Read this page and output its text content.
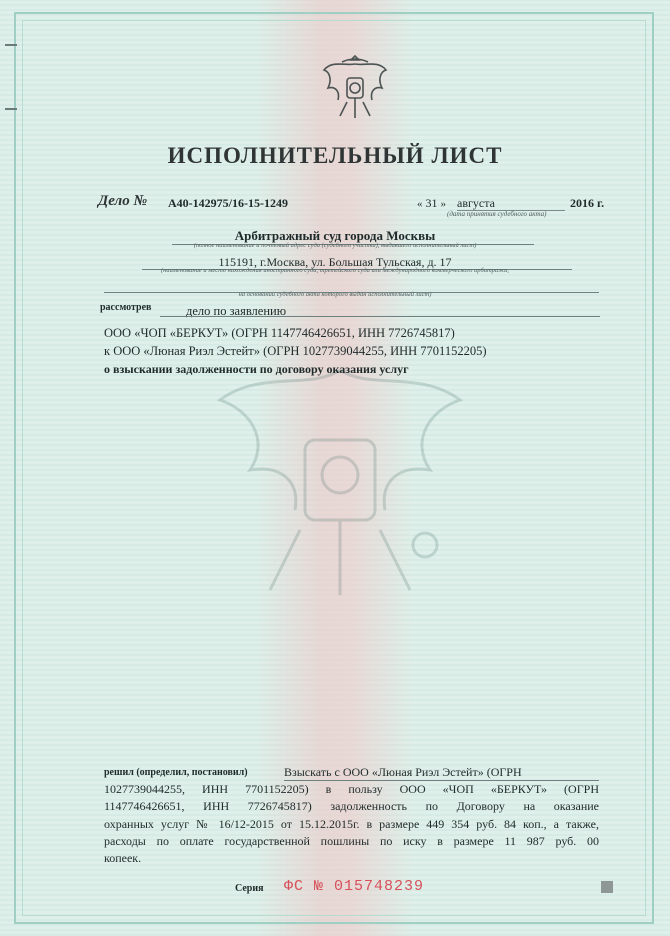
ИСПОЛНИТЕЛЬНЫЙ ЛИСТ
Дело № А40-142975/16-15-1249	« 31 » августа	2016 г.
(дата принятия судебного акта)
Арбитражный суд города Москвы
(полное наименование и почтовый адрес суда (судебного участка), выдавшего исполнительный лист)
115191, г.Москва, ул. Большая Тульская, д. 17
(наименование и место нахождения иностранного суда, третейского суда или международного коммерческого арбитража,
на основании судебного акта которого выдан исполнительный лист)
рассмотрев	дело по заявлению
ООО «ЧОП «БЕРКУТ» (ОГРН 1147746426651, ИНН 7726745817)
к ООО «Люная Риэл Эстейт» (ОГРН 1027739044255, ИНН 7701152205)
о взыскании задолженности по договору оказания услуг
решил (определил, постановил)	Взыскать с ООО «Люная Риэл Эстейт» (ОГРН
1027739044255, ИНН 7701152205) в пользу ООО «ЧОП «БЕРКУТ» (ОГРН
1147746426651, ИНН 7726745817) задолженность по Договору на оказание
охранных услуг № 16/12-2015 от 15.12.2015г. в размере 449 354 руб. 84 коп., а также,
расходы по оплате государственной пошлины по иску в размере 11 987 руб. 00
копеек.
Серия ФС № 015748239
